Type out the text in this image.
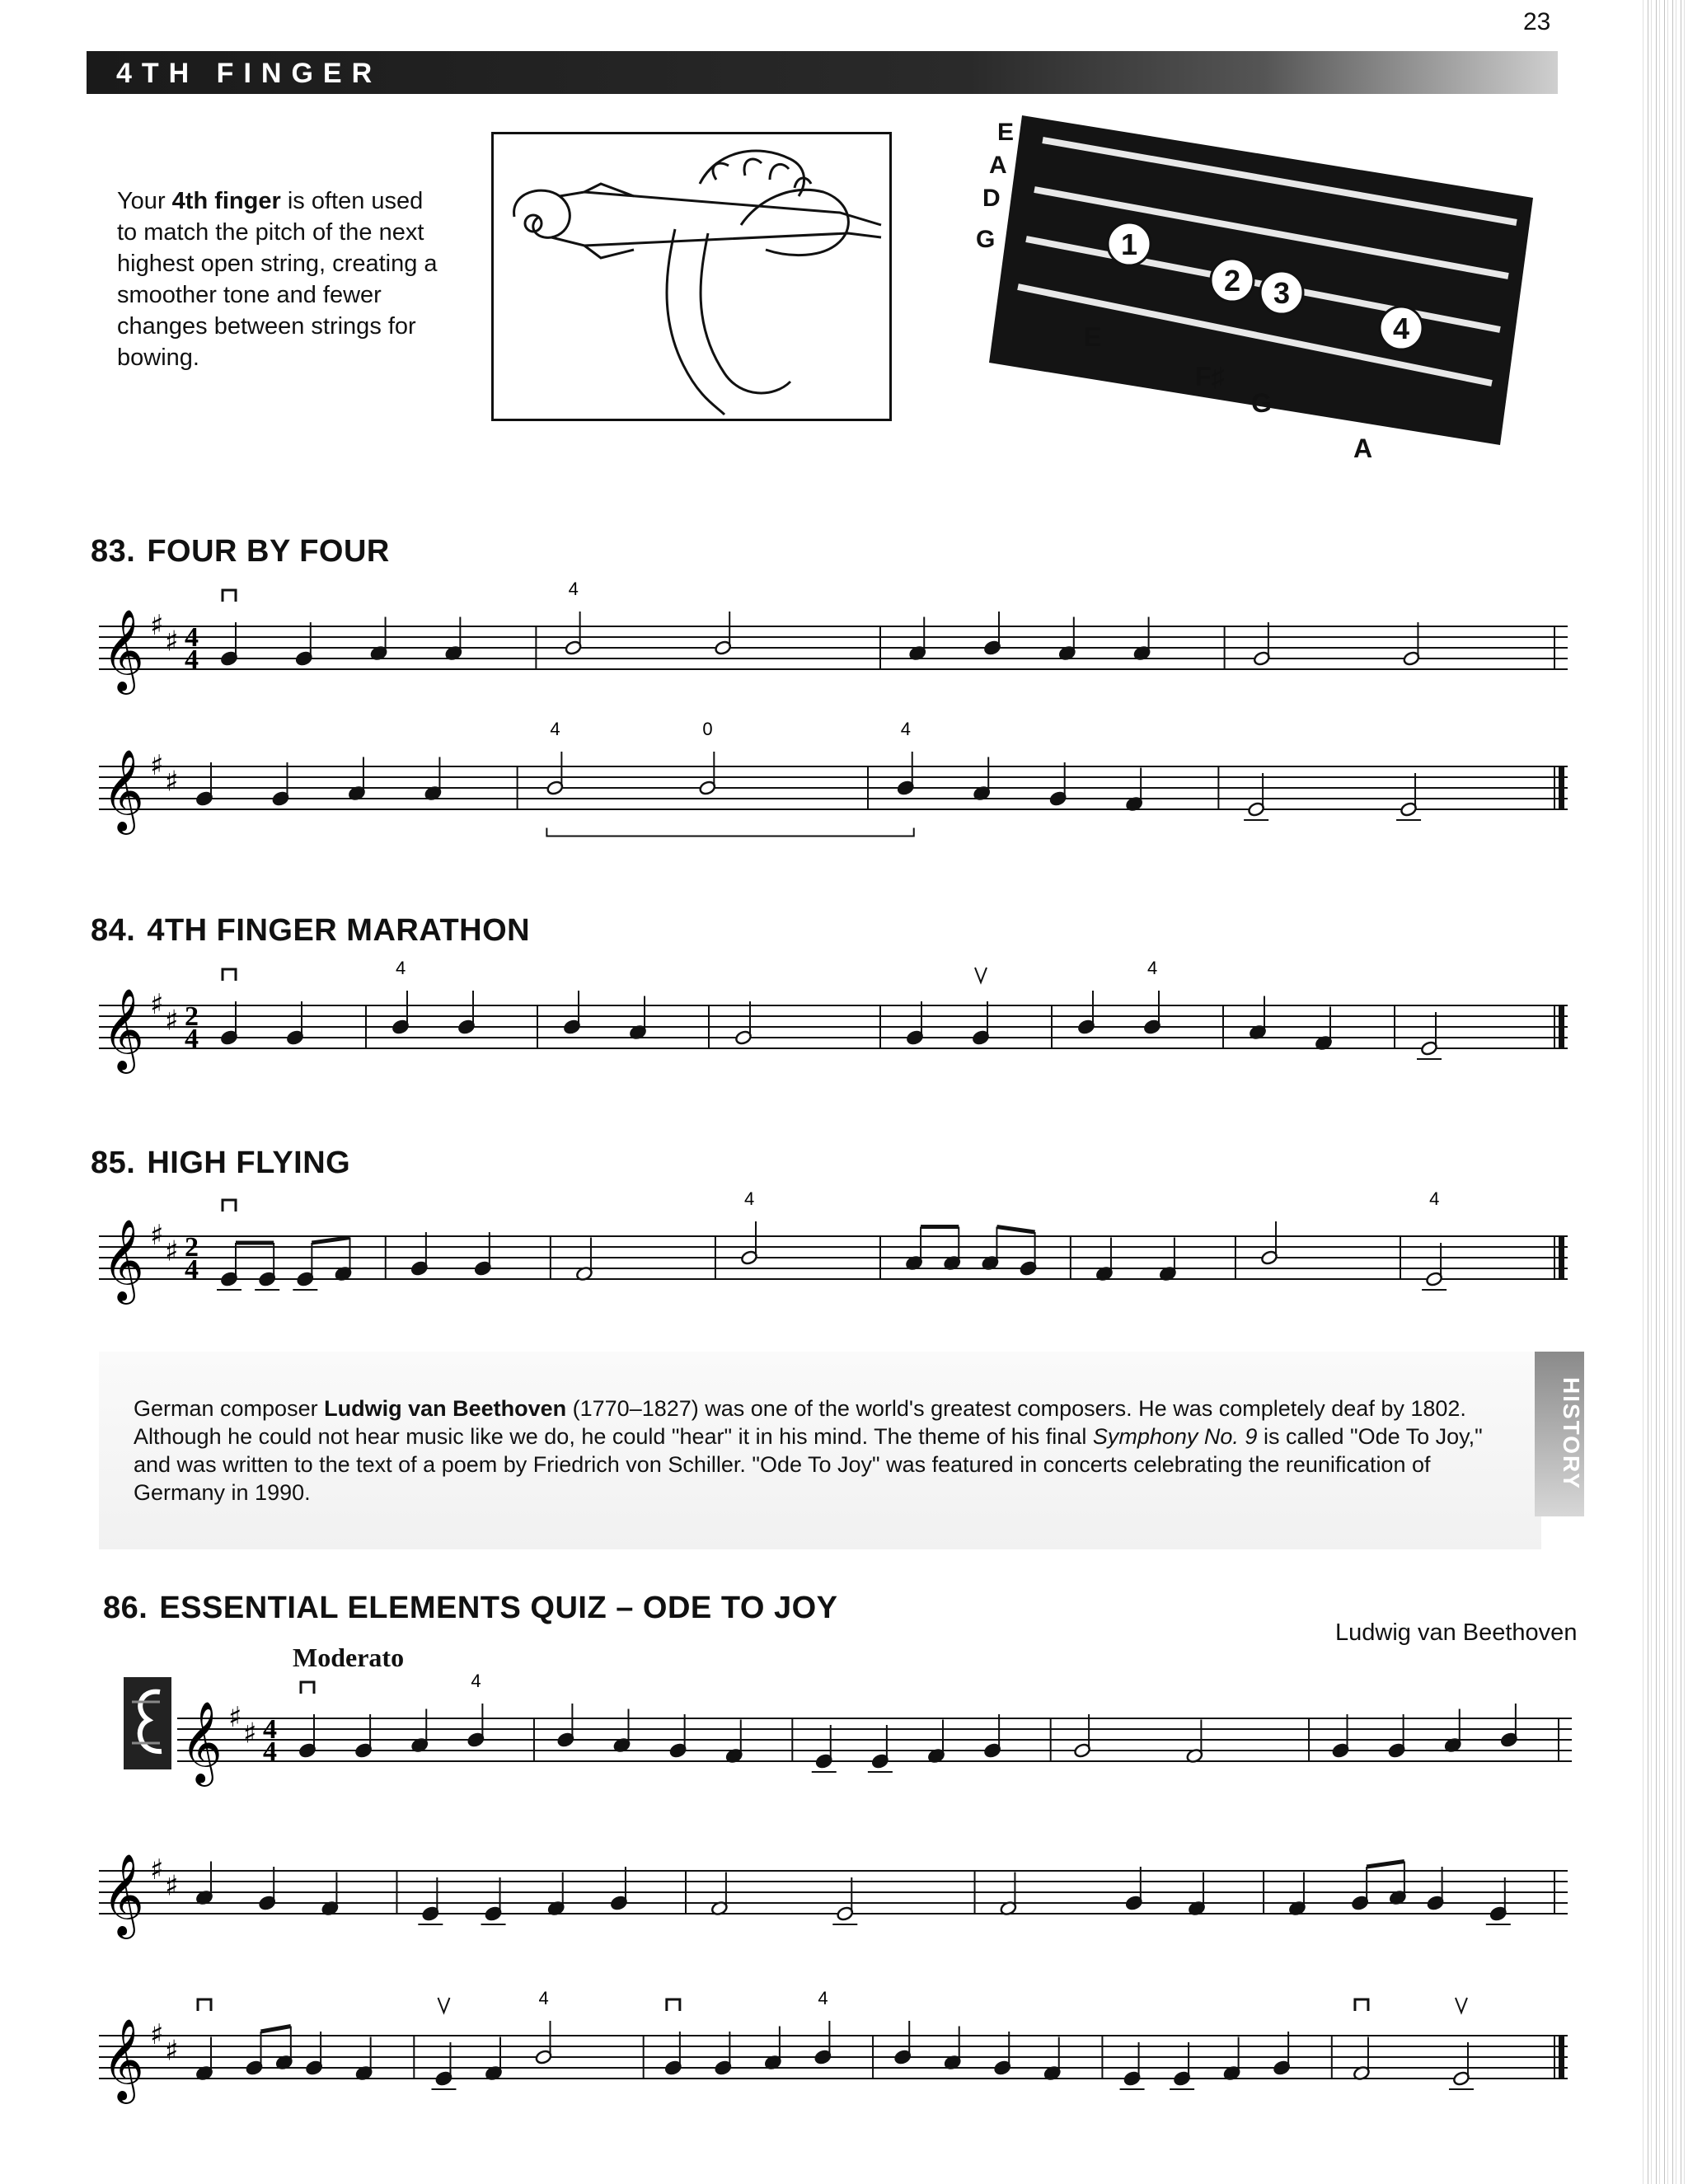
23
4TH FINGER
Your 4th finger is often used to match the pitch of the next highest open string, creating a smoother tone and fewer changes between strings for bowing.
E
A
D
G	1
2 3
4
E
F♯
G
A
83. FOUR BY FOUR
84. 4TH FINGER MARATHON
85. HIGH FLYING
86. ESSENTIAL ELEMENTS QUIZ – ODE TO JOY
𝄞 ♯ ♯ 4
4
4
𝄞 ♯ ♯
4	0	4
𝄞 ♯ ♯ 2
4
4	4
𝄞 ♯ ♯ 2
4
4	4

German composer Ludwig van Beethoven (1770–1827) was one of the world's greatest composers. He was completely deaf by 1802. Although he could not hear music like we do, he could "hear" it in his mind. The theme of his final Symphony No. 9 is called "Ode To Joy," and was written to the text of a poem by Friedrich von Schiller. "Ode To Joy" was featured in concerts celebrating the reunification of Germany in 1990.

HISTORY
Ludwig van Beethoven
Moderato
𝄞 ♯ ♯ 4
4
4
𝄞 ♯ ♯
𝄞 ♯ ♯
4	4
